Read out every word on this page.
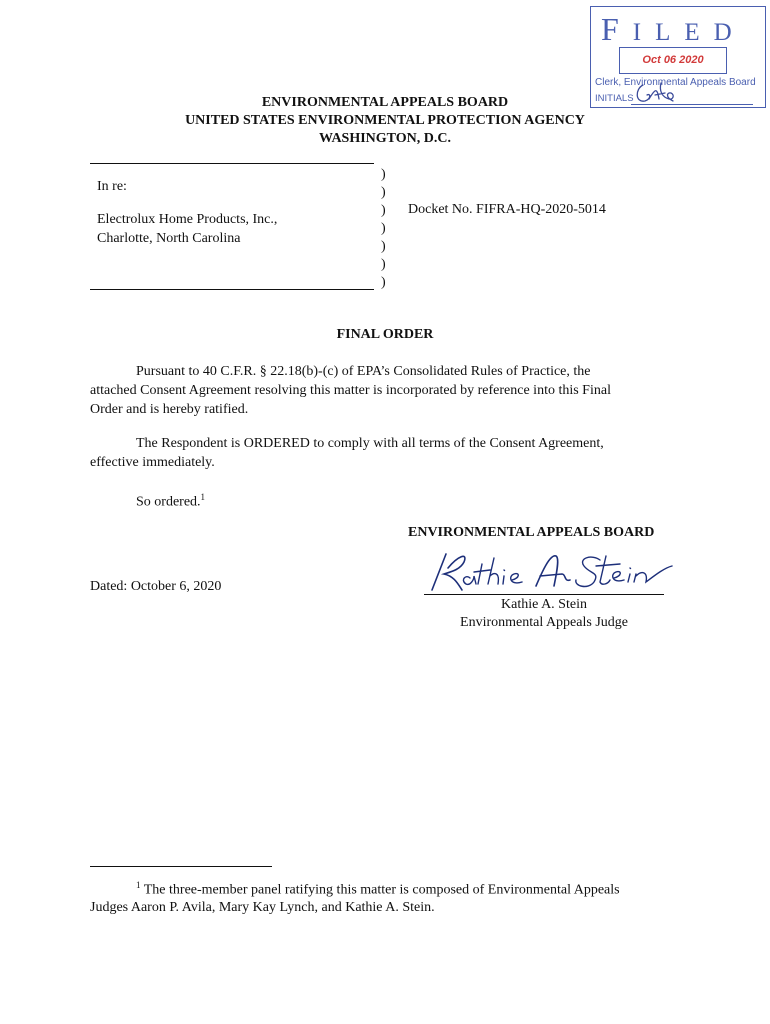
FILED
Oct 06 2020
Clerk, Environmental Appeals Board
INITIALS
ENVIRONMENTAL APPEALS BOARD
UNITED STATES ENVIRONMENTAL PROTECTION AGENCY
WASHINGTON, D.C.
In re:
Electrolux Home Products, Inc.,
Charlotte, North Carolina
)
)
)
)
)
)
)
Docket No. FIFRA-HQ-2020-5014
FINAL ORDER
Pursuant to 40 C.F.R. § 22.18(b)-(c) of EPA’s Consolidated Rules of Practice, the
attached Consent Agreement resolving this matter is incorporated by reference into this Final
Order and is hereby ratified.
The Respondent is ORDERED to comply with all terms of the Consent Agreement,
effective immediately.
So ordered.$^1$
ENVIRONMENTAL APPEALS BOARD
Dated: October 6, 2020
Kathie A. Stein
Environmental Appeals Judge
$^1$ The three-member panel ratifying this matter is composed of Environmental Appeals
Judges Aaron P. Avila, Mary Kay Lynch, and Kathie A. Stein.
